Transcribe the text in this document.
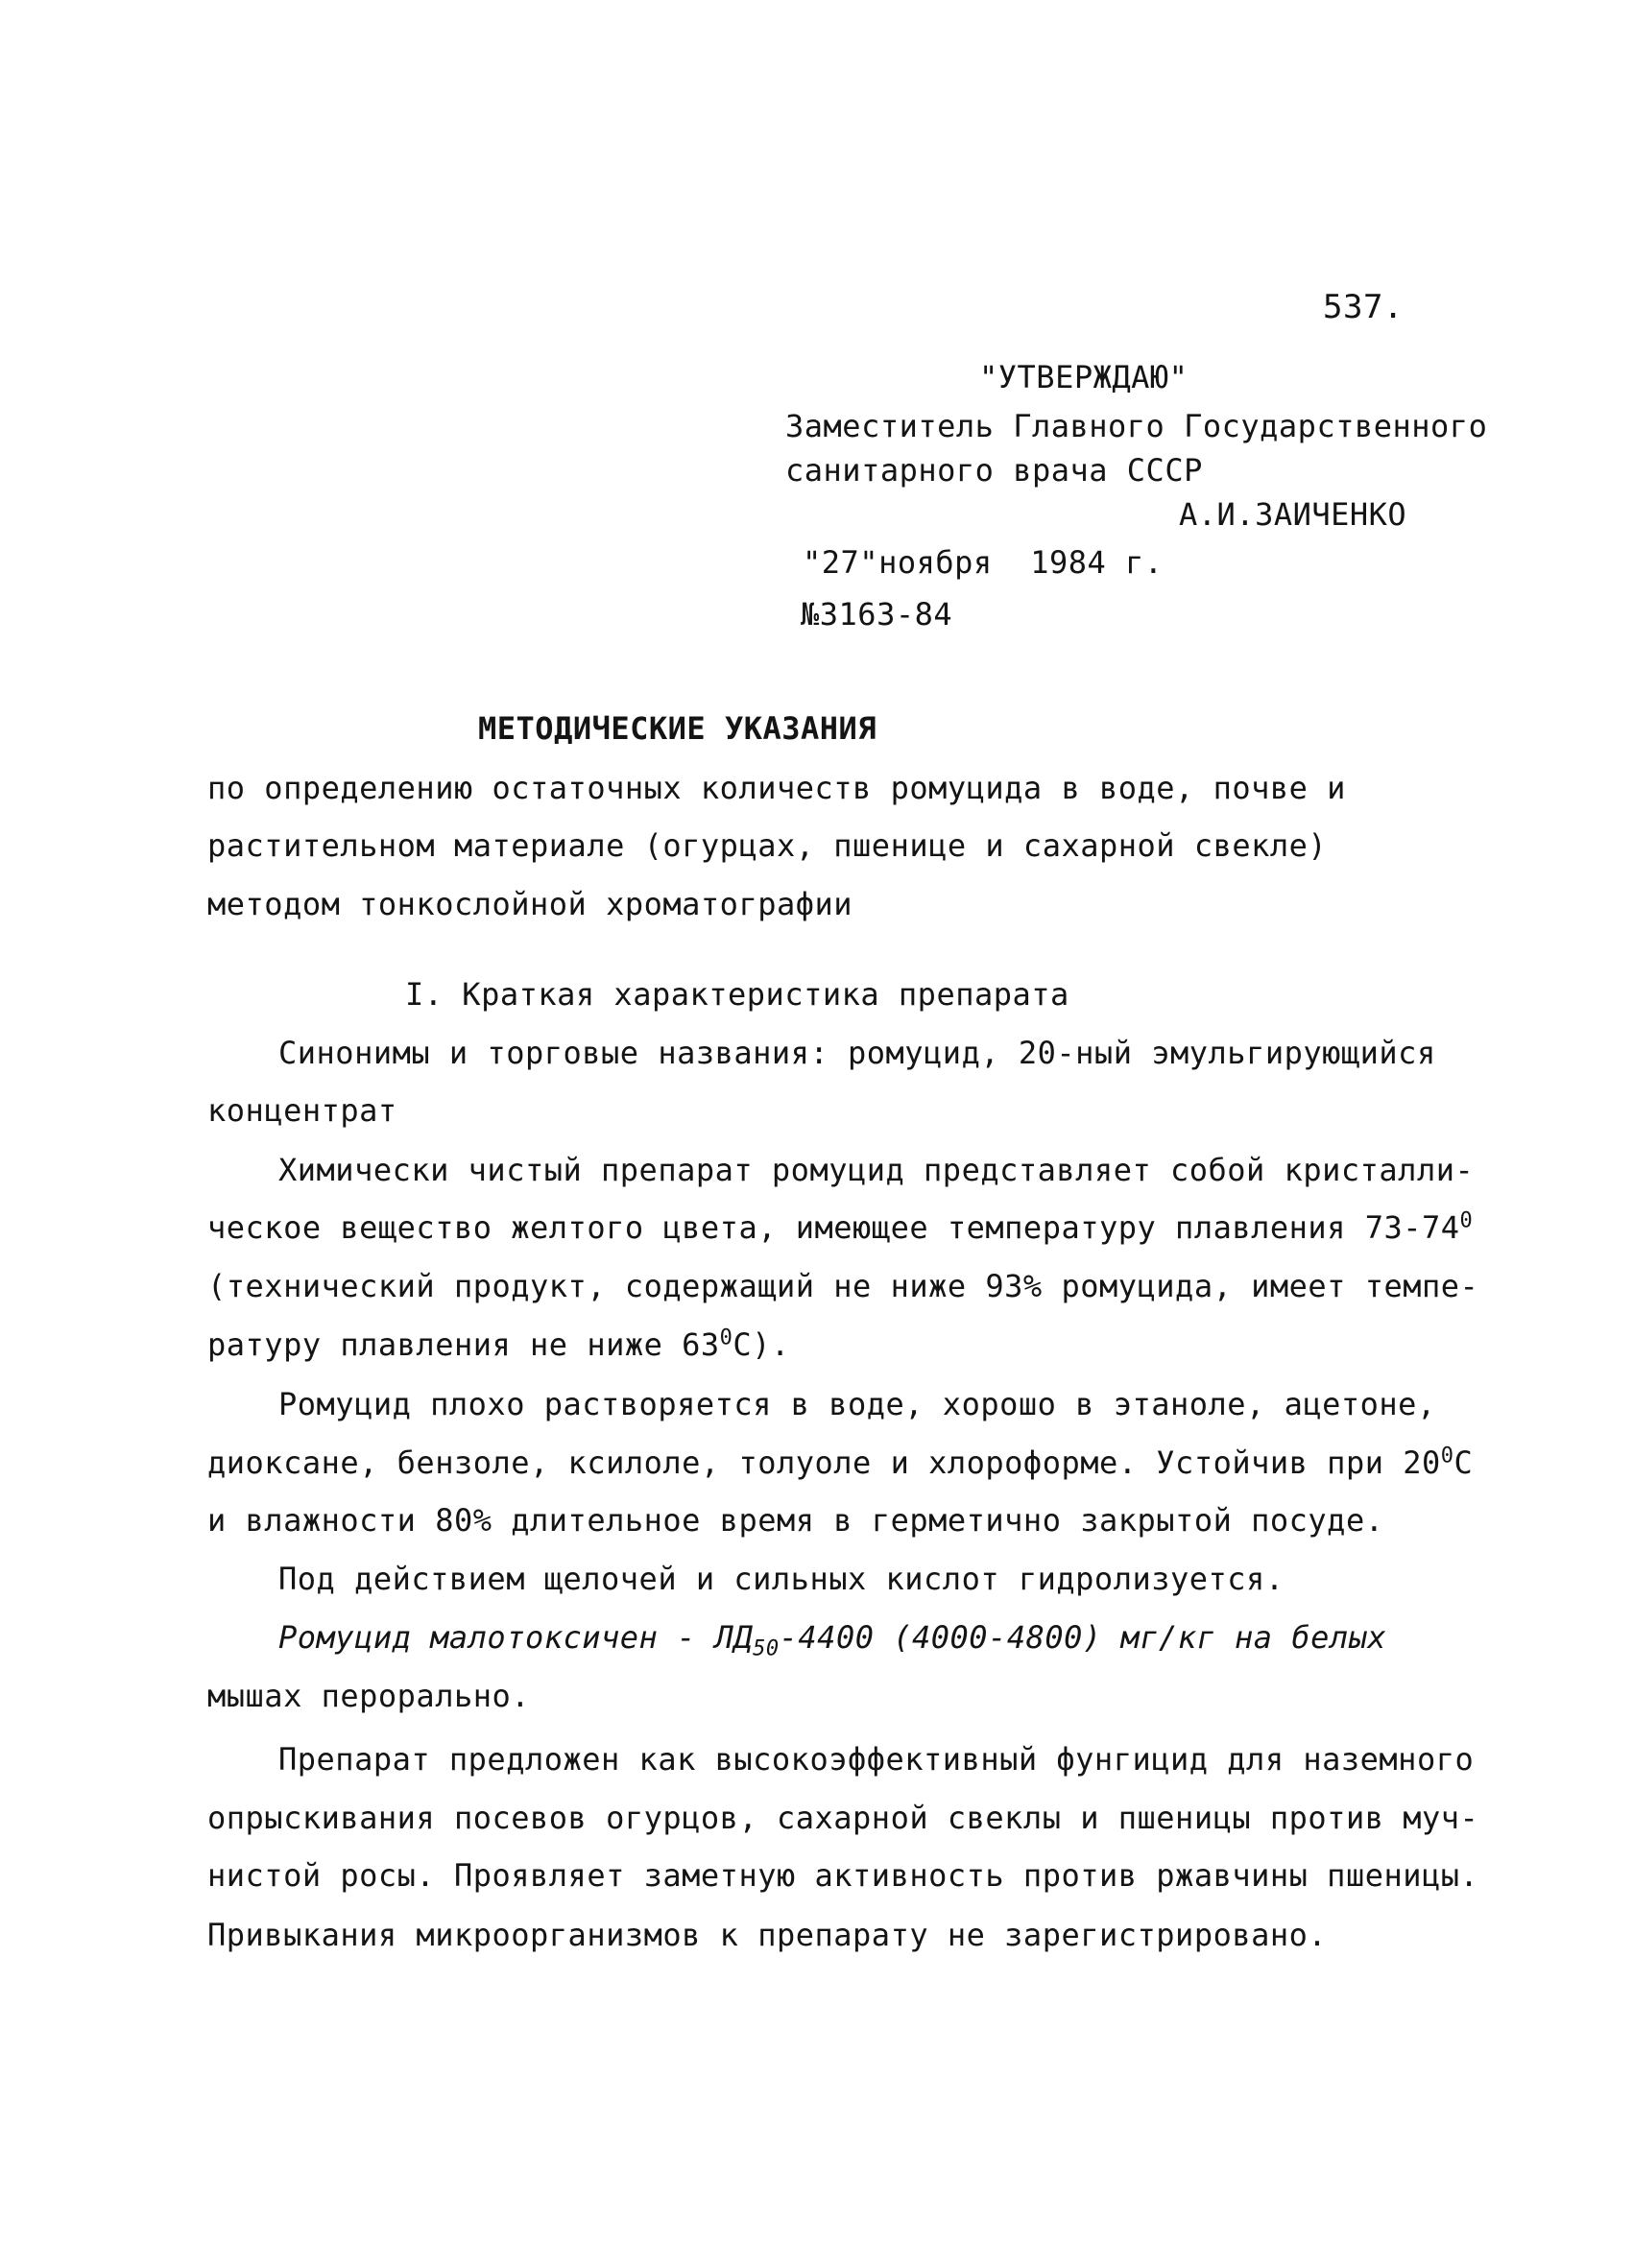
537.
"УТВЕРЖДАЮ"
Заместитель Главного Государственного
санитарного врача СССР
А.И.ЗАИЧЕНКО
"27"ноября  1984 г.
№3163-84
МЕТОДИЧЕСКИЕ УКАЗАНИЯ
по определению остаточных количеств ромуцида в воде, почве и
растительном материале (огурцах, пшенице и сахарной свекле)
методом тонкослойной хроматографии
I. Краткая характеристика препарата
Синонимы и торговые названия: ромуцид, 20-ный эмульгирующийся
концентрат
Химически чистый препарат ромуцид представляет собой кристалли-
ческое вещество желтого цвета, имеющее температуру плавления $73-74^0$
(технический продукт, содержащий не ниже 93% ромуцида, имеет темпе-
ратуру плавления не ниже $63^0С$).
Ромуцид плохо растворяется в воде, хорошо в этаноле, ацетоне,
диоксане, бензоле, ксилоле, толуоле и хлороформе. Устойчив при $20^0С$
и влажности 80% длительное время в герметично закрытой посуде.
Под действием щелочей и сильных кислот гидролизуется.
Ромуцид малотоксичен - $ЛД_{50}-4400$ (4000-4800) мг/кг на белых
мышах перорально.
Препарат предложен как высокоэффективный фунгицид для наземного
опрыскивания посевов огурцов, сахарной свеклы и пшеницы против муч-
нистой росы. Проявляет заметную активность против ржавчины пшеницы.
Привыкания микроорганизмов к препарату не зарегистрировано.
